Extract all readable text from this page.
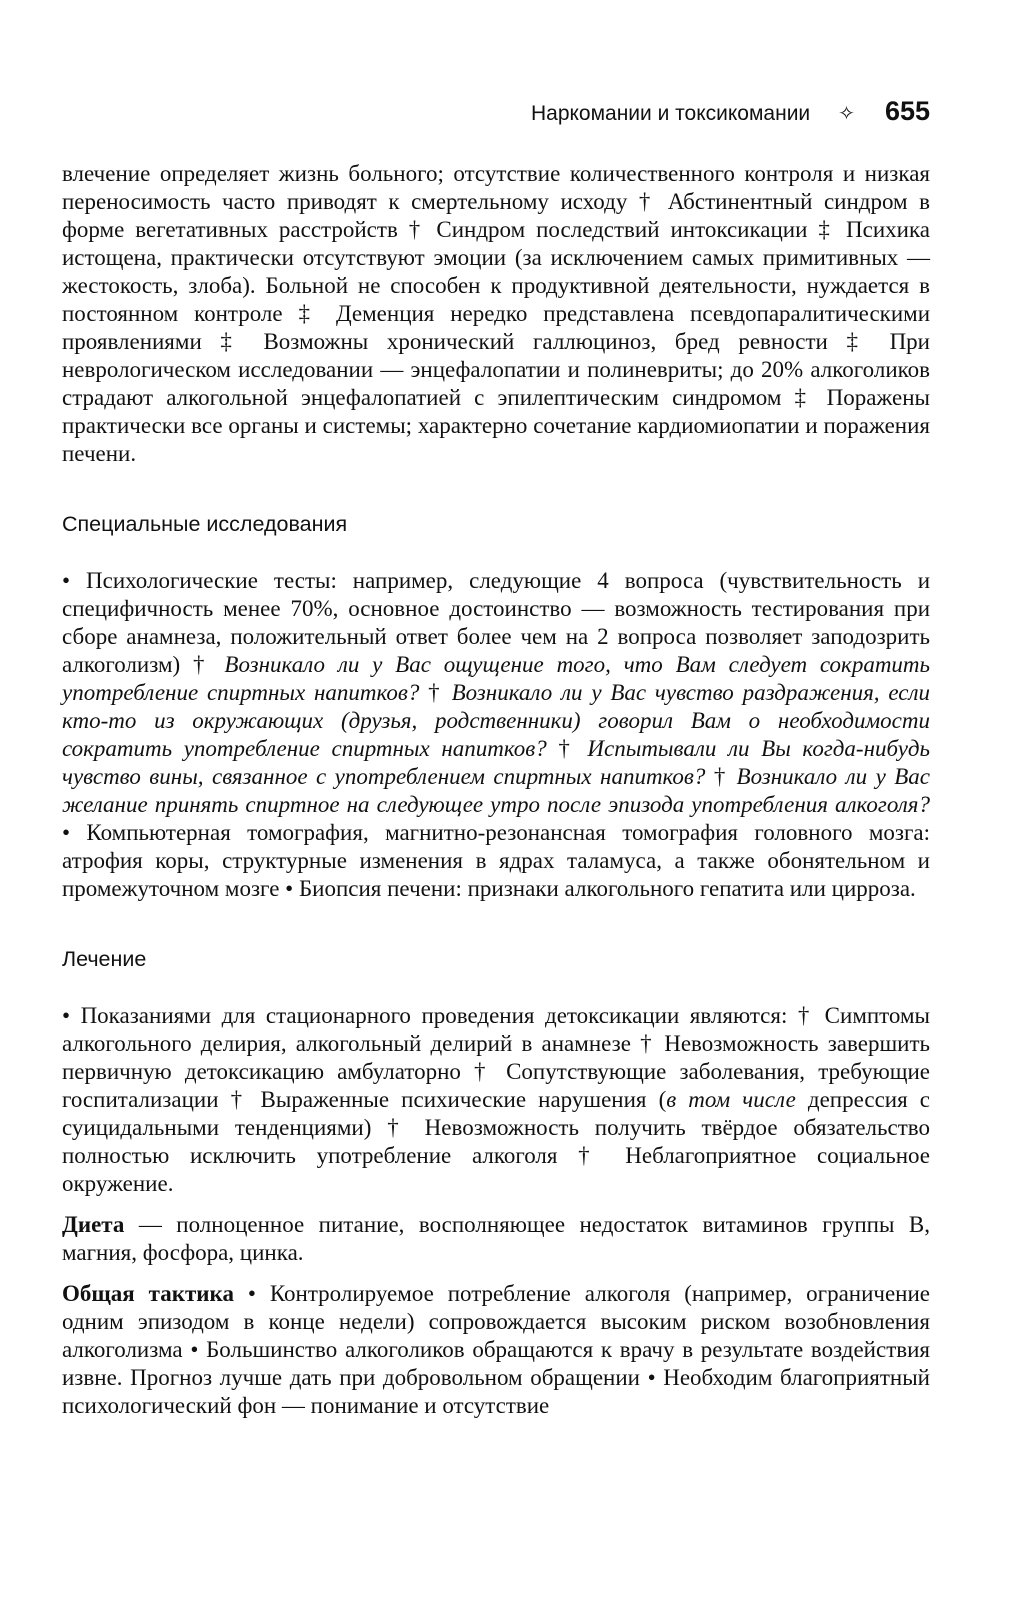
Наркомании и токсикомании ✧ 655

влечение определяет жизнь больного; отсутствие количественного контроля и низкая переносимость часто приводят к смертельному исходу † Абстинентный синдром в форме вегетативных расстройств † Синдром последствий интоксикации ‡ Психика истощена, практически отсутствуют эмоции (за исключением самых примитивных — жестокость, злоба). Больной не способен к продуктивной деятельности, нуждается в постоянном контроле ‡ Деменция нередко представлена псевдопаралитическими проявлениями ‡ Возможны хронический галлюциноз, бред ревности ‡ При неврологическом исследовании — энцефалопатии и полиневриты; до 20% алкоголиков страдают алкогольной энцефалопатией с эпилептическим синдромом ‡ Поражены практически все органы и системы; характерно сочетание кардиомиопатии и поражения печени.

Специальные исследования

• Психологические тесты: например, следующие 4 вопроса (чувствительность и специфичность менее 70%, основное достоинство — возможность тестирования при сборе анамнеза, положительный ответ более чем на 2 вопроса позволяет заподозрить алкоголизм) † Возникало ли у Вас ощущение того, что Вам следует сократить употребление спиртных напитков? † Возникало ли у Вас чувство раздражения, если кто-то из окружающих (друзья, родственники) говорил Вам о необходимости сократить употребление спиртных напитков? † Испытывали ли Вы когда-нибудь чувство вины, связанное с употреблением спиртных напитков? † Возникало ли у Вас желание принять спиртное на следующее утро после эпизода употребления алкоголя? • Компьютерная томография, магнитно-резонансная томография головного мозга: атрофия коры, структурные изменения в ядрах таламуса, а также обонятельном и промежуточном мозге • Биопсия печени: признаки алкогольного гепатита или цирроза.

Лечение

• Показаниями для стационарного проведения детоксикации являются: † Симптомы алкогольного делирия, алкогольный делирий в анамнезе † Невозможность завершить первичную детоксикацию амбулаторно † Сопутствующие заболевания, требующие госпитализации † Выраженные психические нарушения (в том числе депрессия с суицидальными тенденциями) † Невозможность получить твёрдое обязательство полностью исключить употребление алкоголя † Неблагоприятное социальное окружение.

Диета — полноценное питание, восполняющее недостаток витаминов группы В, магния, фосфора, цинка.

Общая тактика • Контролируемое потребление алкоголя (например, ограничение одним эпизодом в конце недели) сопровождается высоким риском возобновления алкоголизма • Большинство алкоголиков обращаются к врачу в результате воздействия извне. Прогноз лучше дать при добровольном обращении • Необходим благоприятный психологический фон — понимание и отсутствие
